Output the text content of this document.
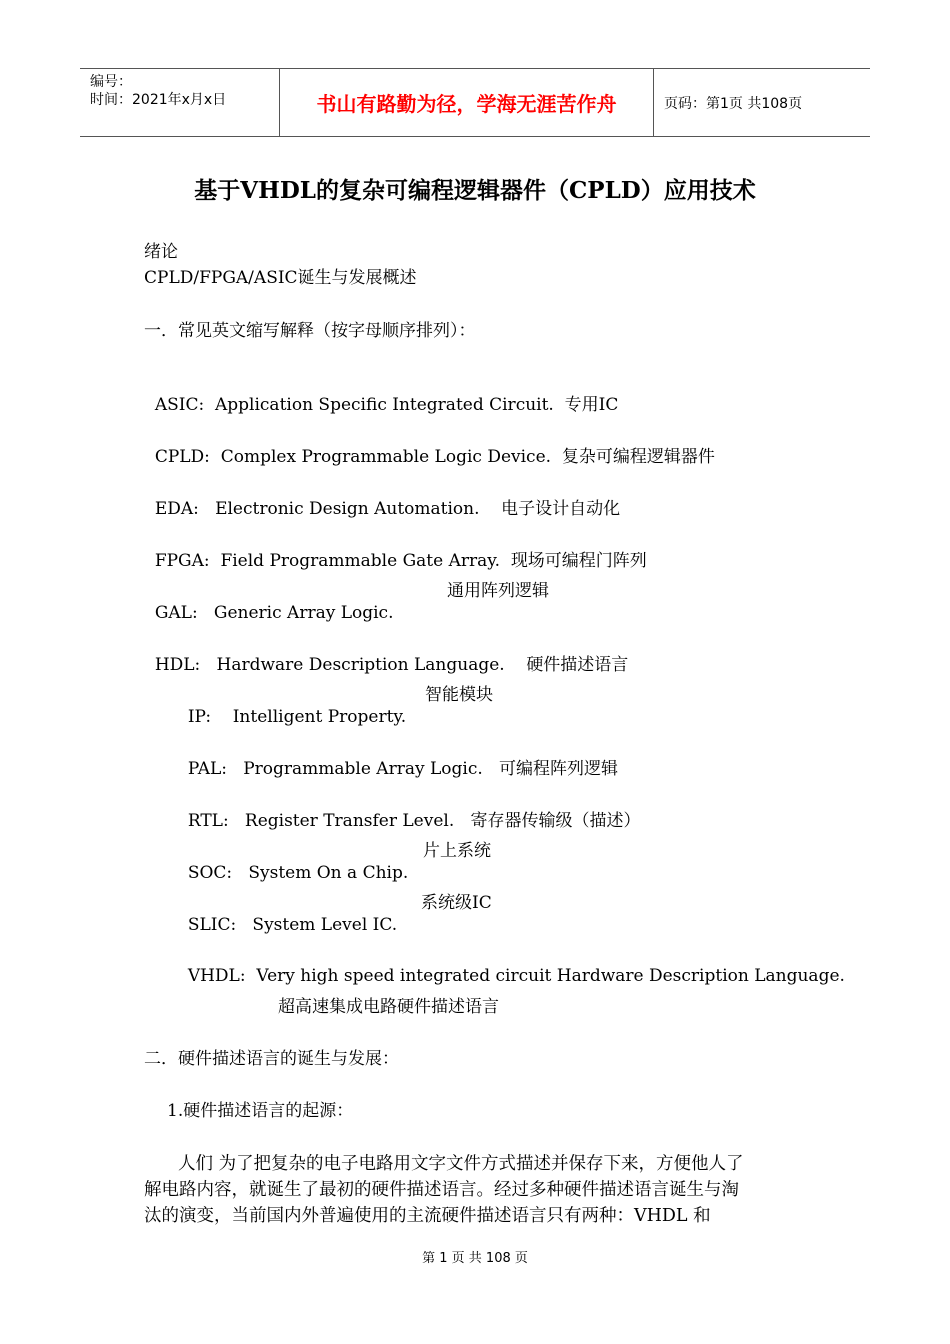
编号：
时间：2021年x月x日	书山有路勤为径，学海无涯苦作舟	页码：第1页 共108页
基于VHDL的复杂可编程逻辑器件（CPLD）应用技术
绪论
CPLD/FPGA/ASIC诞生与发展概述
一．常见英文缩写解释（按字母顺序排列）：

ASIC: Application Specific Integrated Circuit. 专用IC

CPLD: Complex Programmable Logic Device. 复杂可编程逻辑器件

EDA: Electronic Design Automation. 电子设计自动化

FPGA: Field Programmable Gate Array. 现场可编程门阵列

GAL: Generic Array Logic.

通用阵列逻辑

HDL: Hardware Description Language. 硬件描述语言

IP: Intelligent Property.

智能模块

PAL: Programmable Array Logic. 可编程阵列逻辑

RTL: Register Transfer Level. 寄存器传输级（描述）

SOC: System On a Chip.

片上系统

SLIC: System Level IC.

系统级IC

VHDL: Very high speed integrated circuit Hardware Description Language.

超高速集成电路硬件描述语言
二．硬件描述语言的诞生与发展：
1.硬件描述语言的起源：
人们 为了把复杂的电子电路用文字文件方式描述并保存下来，方便他人了
解电路内容，就诞生了最初的硬件描述语言。经过多种硬件描述语言诞生与淘
汰的演变，当前国内外普遍使用的主流硬件描述语言只有两种：VHDL 和
第 1 页 共 108 页
